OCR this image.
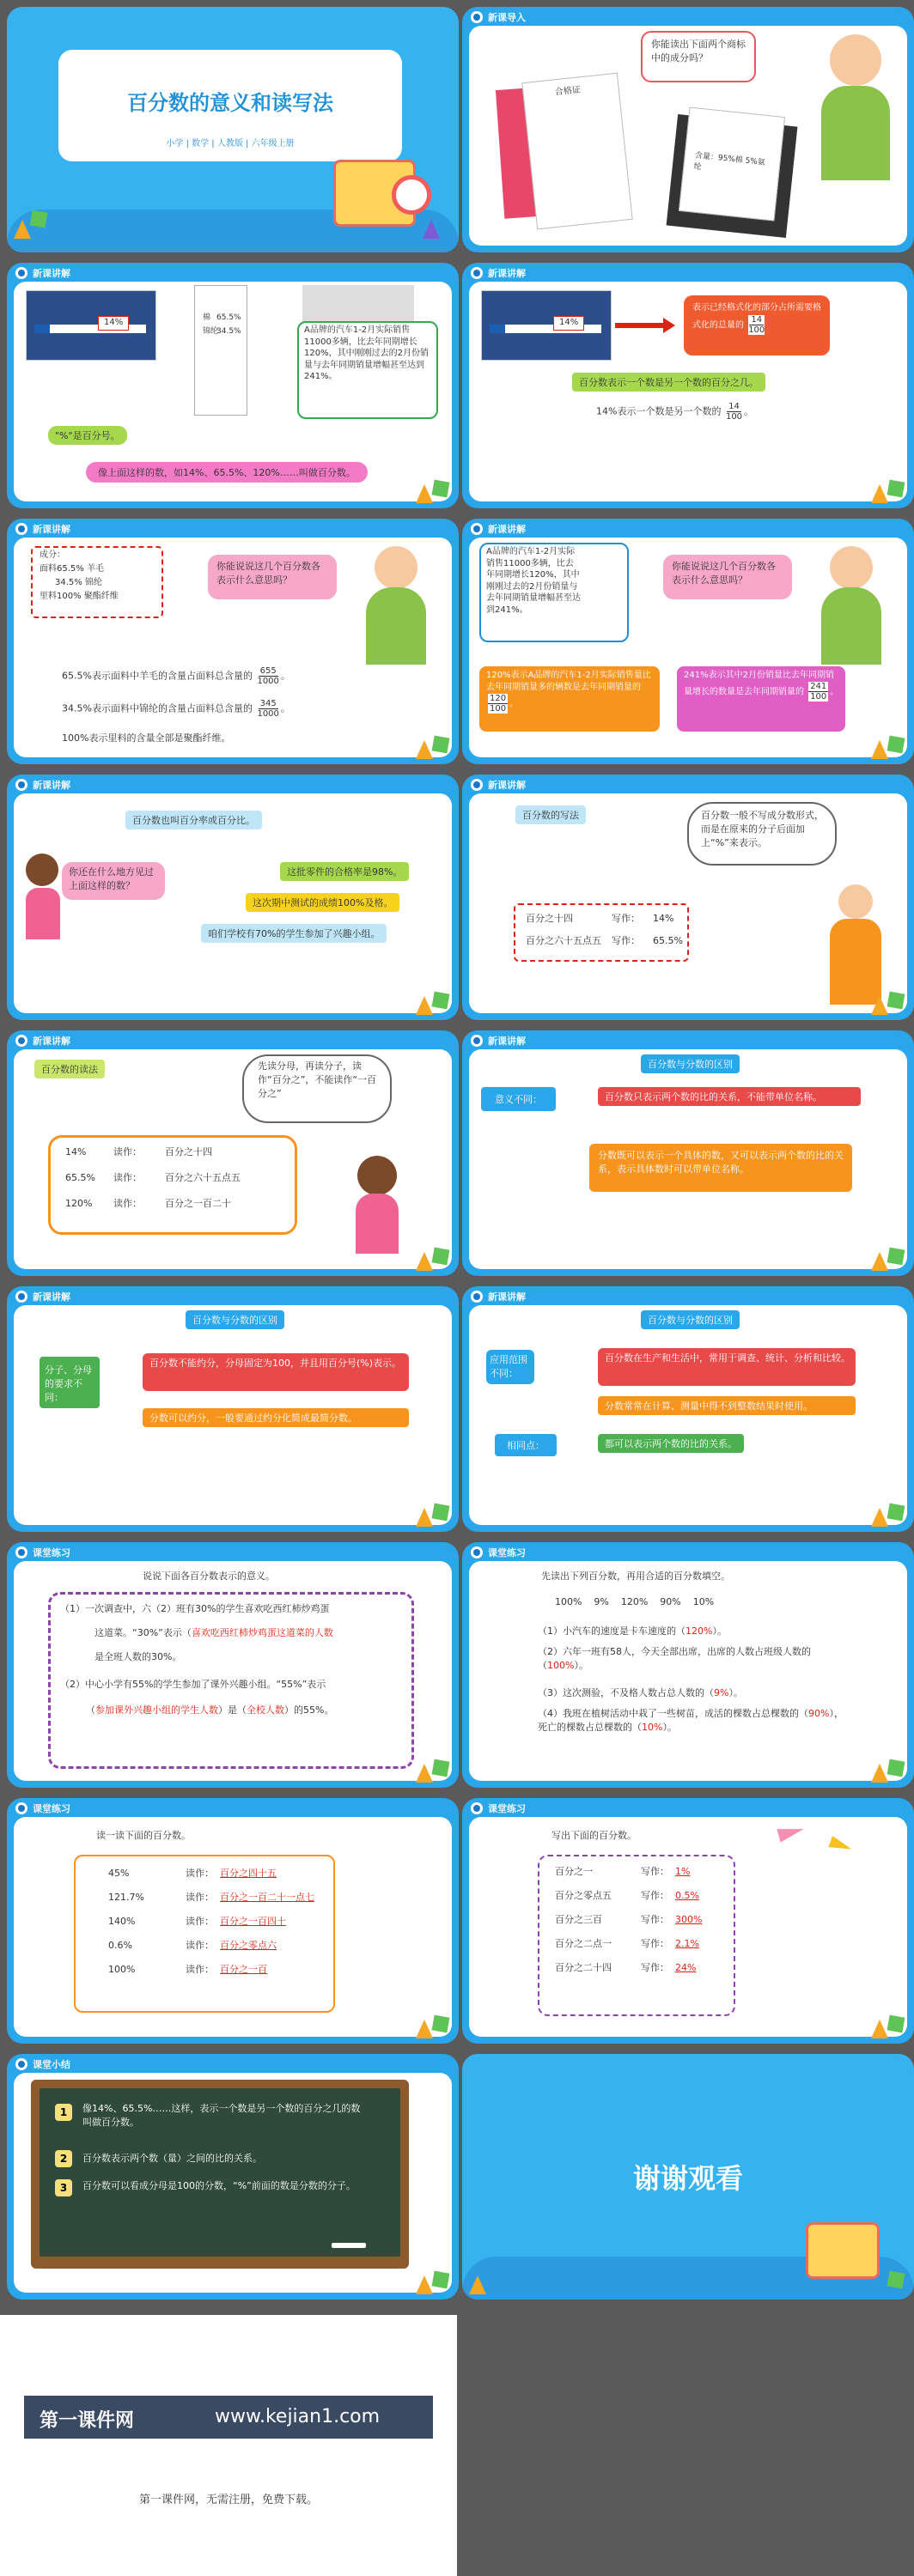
百分数的意义和读写法
小学 | 数学 | 人教版 | 六年级上册
新课导入
你能读出下面两个商标中的成分吗？
合格证
含量：95%棉 5%氨纶
新课讲解
14%	棉 65.5%
锦纶
34.5%	A品牌的汽车1-2月实际销售11000多辆，比去年同期增长120%，其中刚刚过去的2月份销量与去年同期销量增幅甚至达到241%。
"%"是百分号。
像上面这样的数，如14%、65.5%、120%……叫做百分数。
新课讲解
14%
表示已经格式化的部分占所需要格式化的总量的 $\frac{14}{100}$
百分数表示一个数是另一个数的百分之几。
14%表示一个数是另一个数的 $\frac{14}{100}$ 。
新课讲解
成分：
面料65.5% 羊毛
34.5% 锦纶
里料100% 聚酯纤维
你能说说这几个百分数各表示什么意思吗？
65.5%表示面料中羊毛的含量占面料总含量的 $\frac{655}{1000}$ 。
34.5%表示面料中锦纶的含量占面料总含量的 $\frac{345}{1000}$ 。
100%表示里料的含量全部是聚酯纤维。
新课讲解
A品牌的汽车1-2月实际销售11000多辆，比去年同期增长120%，其中刚刚过去的2月份销量与去年同期销量增幅甚至达到241%。
你能说说这几个百分数各表示什么意思吗？
120%表示A品牌的汽车1-2月实际销售量比去年同期销量多的辆数是去年同期销量的
$\frac{120}{100}$ 。
241%表示其中2月份销量比去年同期销量增长的数量是去年同期销量的 $\frac{241}{100}$ 。
新课讲解
百分数也叫百分率或百分比。
你还在什么地方见过上面这样的数？
这批零件的合格率是98%。
这次期中测试的成绩100%及格。
咱们学校有70%的学生参加了兴趣小组。
新课讲解
百分数的写法	百分数一般不写成分数形式，而是在原来的分子后面加上“%”来表示。
百分之十四	写作： 14%
百分之六十五点五 写作： 65.5%
新课讲解
百分数的读法	先读分母，再读分子，读作“百分之”，不能读作“一百分之”
14%	读作： 百分之十四
65.5% 读作： 百分之六十五点五
120% 读作： 百分之一百二十
新课讲解
百分数与分数的区别
意义不同：	百分数只表示两个数的比的关系，不能带单位名称。
分数既可以表示一个具体的数，又可以表示两个数的比的关系，表示具体数时可以带单位名称。
新课讲解
百分数与分数的区别
分子、分母的要求不同：
百分数不能约分，分母固定为100，并且用百分号(%)表示。
分数可以约分，一般要通过约分化简成最简分数。
新课讲解
百分数与分数的区别
应用范围不同：
百分数在生产和生活中，常用于调查、统计、分析和比较。
分数常常在计算、测量中得不到整数结果时使用。
相同点：	都可以表示两个数的比的关系。
课堂练习
说说下面各百分数表示的意义。
（1）一次调查中，六（2）班有30%的学生喜欢吃西红柿炒鸡蛋
这道菜。“30%”表示（喜欢吃西红柿炒鸡蛋这道菜的人数
是全班人数的30%。
（2）中心小学有55%的学生参加了课外兴趣小组。“55%”表示
（参加课外兴趣小组的学生人数）是（全校人数）的55%。
课堂练习
先读出下列百分数，再用合适的百分数填空。
100%    9%    120%    90%    10%
（1）小汽车的速度是卡车速度的（120%）。
（2）六年一班有58人，今天全部出席，出席的人数占班级人数的（100%）。
（3）这次测验，不及格人数占总人数的（9%）。
（4）我班在植树活动中栽了一些树苗，成活的棵数占总棵数的（90%），死亡的棵数占总棵数的（10%）。
课堂练习
读一读下面的百分数。
45%	读作： 百分之四十五
121.7%	读作： 百分之一百二十一点七
140%	读作： 百分之一百四十
0.6%	读作： 百分之零点六
100%	读作： 百分之一百
课堂练习
写出下面的百分数。
百分之一	写作： 1%
百分之零点五	写作： 0.5%
百分之三百	写作： 300%
百分之二点一	写作： 2.1%
百分之二十四	写作： 24%
课堂小结
1	像14%、65.5%……这样，表示一个数是另一个数的百分之几的数叫做百分数。
2	百分数表示两个数（量）之间的比的关系。
3	百分数可以看成分母是100的分数，“%”前面的数是分数的分子。	谢谢观看
第一课件网	www.kejian1.com
第一课件网，无需注册，免费下载。
